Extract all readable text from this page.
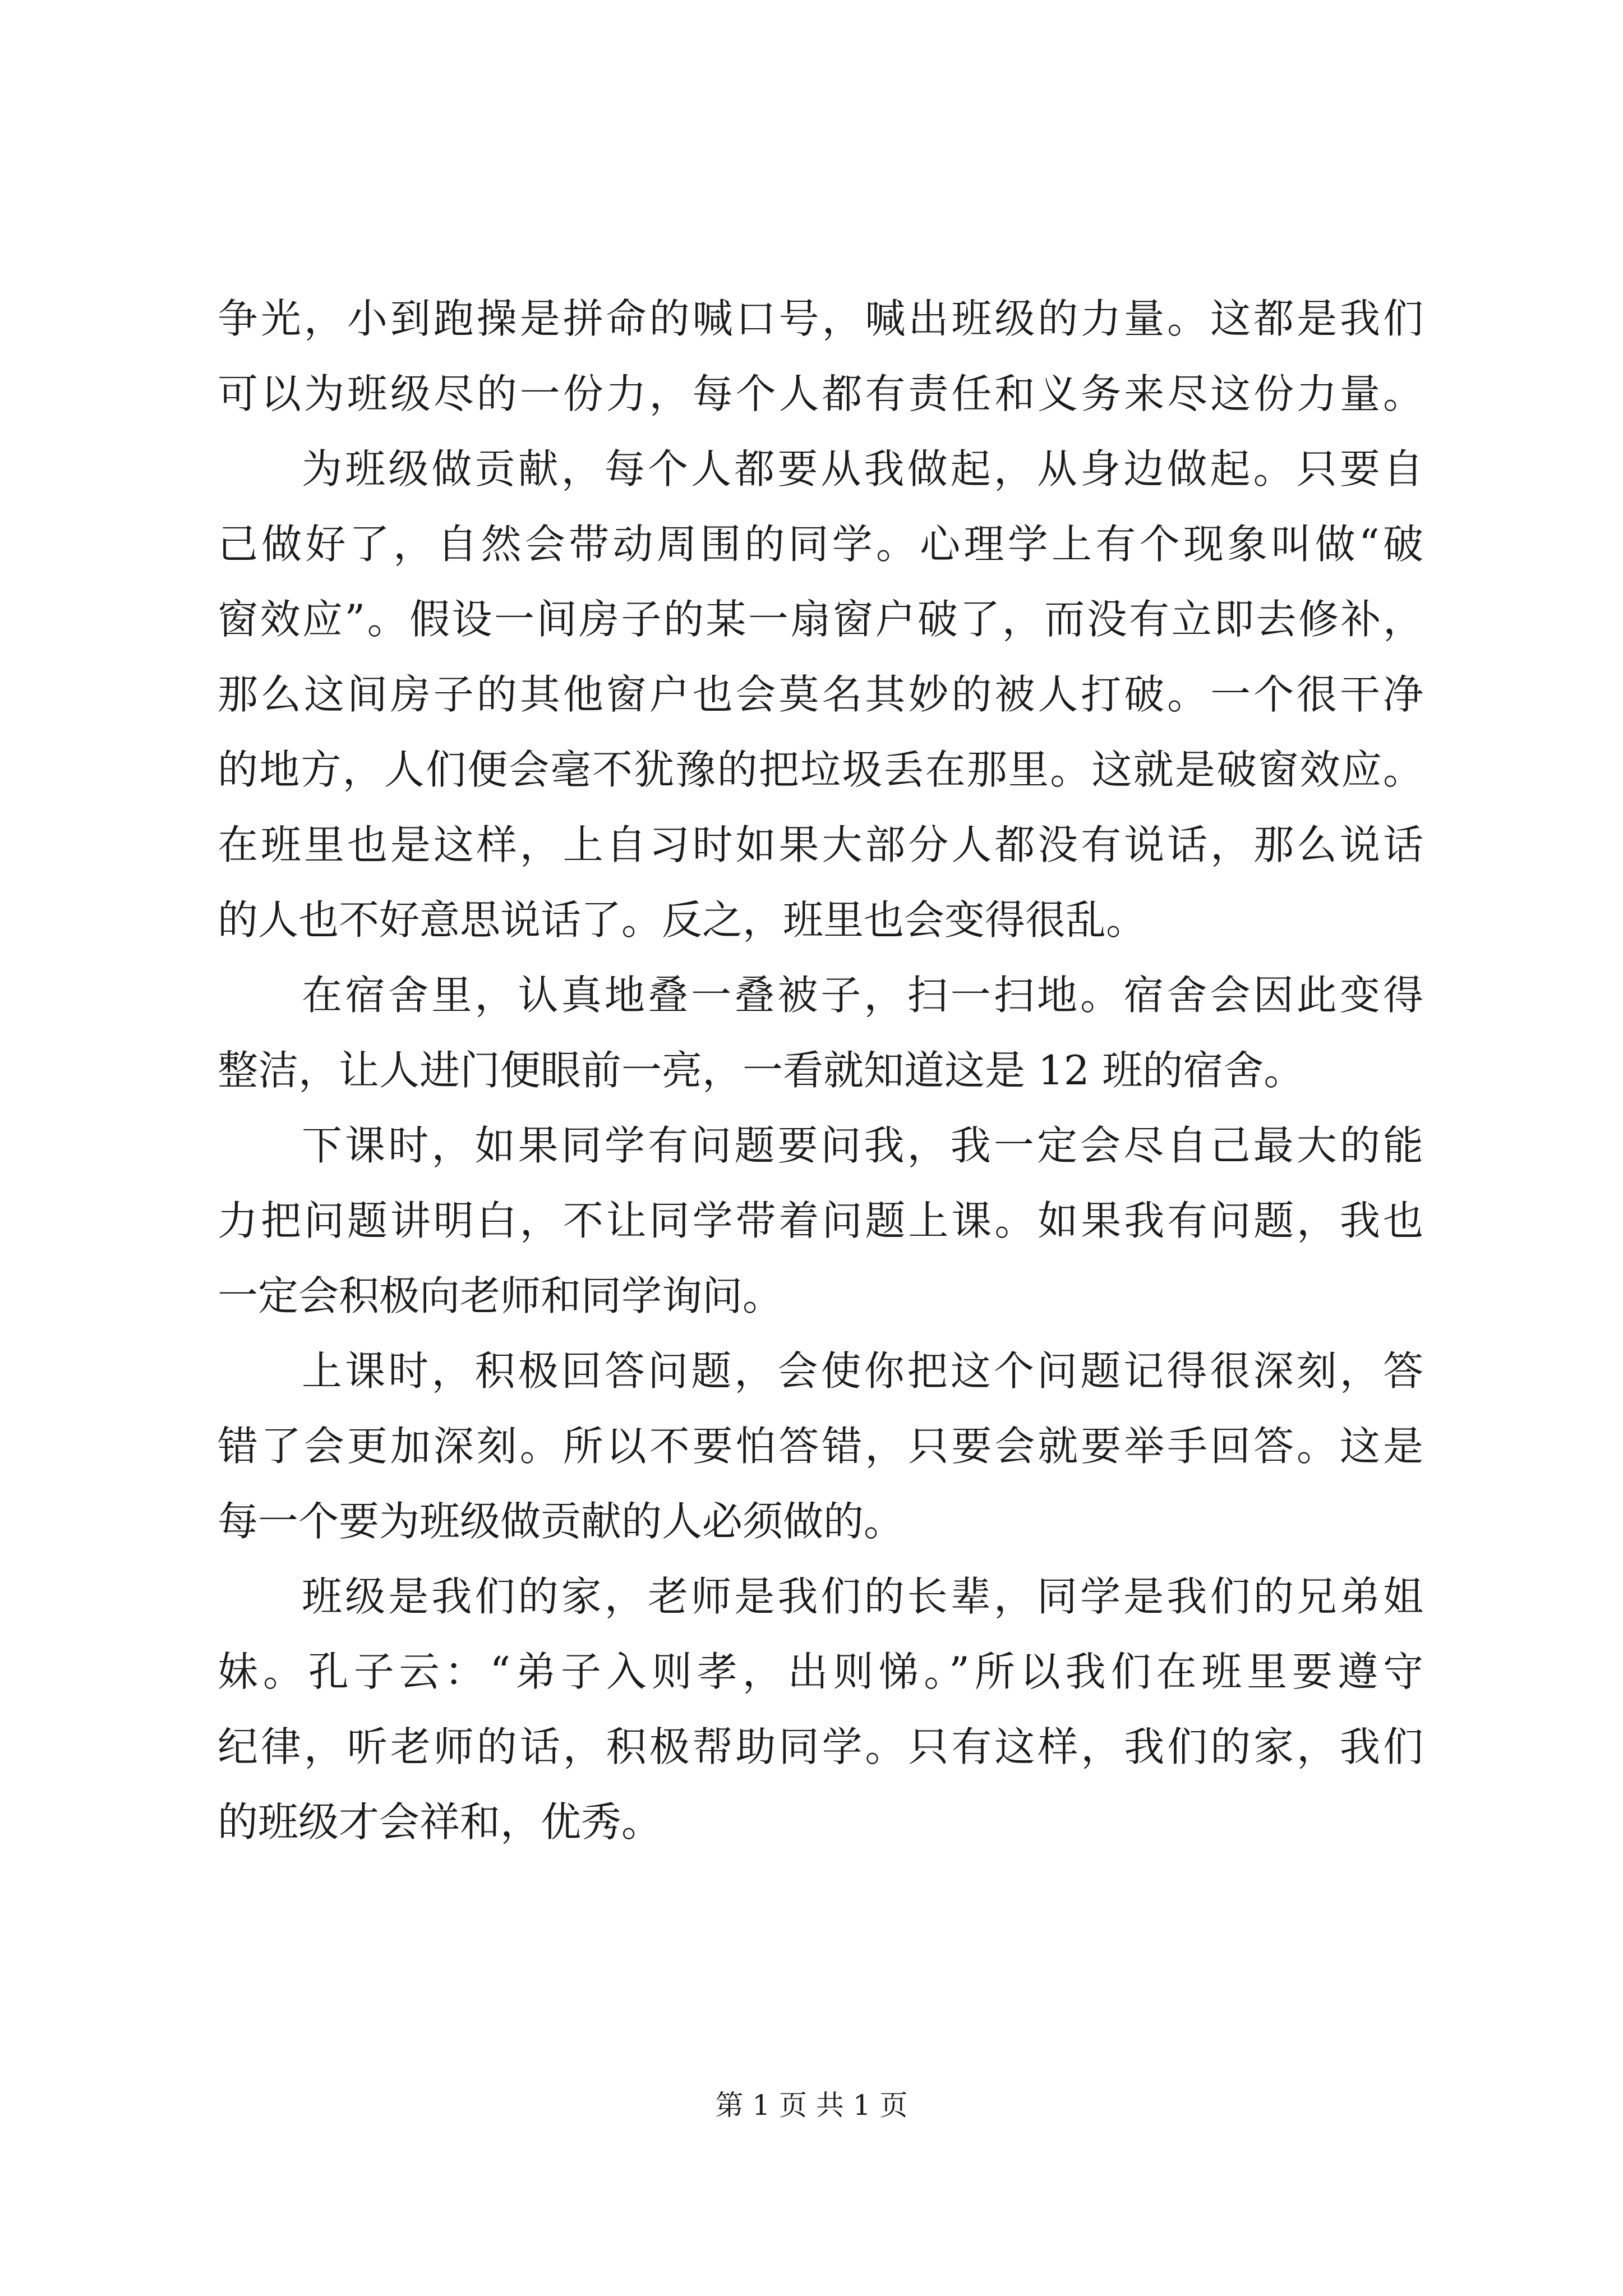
争光，小到跑操是拼命的喊口号，喊出班级的力量。这都是我们
可以为班级尽的一份力，每个人都有责任和义务来尽这份力量。
为班级做贡献，每个人都要从我做起，从身边做起。只要自
己做好了，自然会带动周围的同学。心理学上有个现象叫做“破
窗效应”。假设一间房子的某一扇窗户破了，而没有立即去修补，
那么这间房子的其他窗户也会莫名其妙的被人打破。一个很干净
的地方，人们便会毫不犹豫的把垃圾丢在那里。这就是破窗效应。
在班里也是这样，上自习时如果大部分人都没有说话，那么说话
的人也不好意思说话了。反之，班里也会变得很乱。
在宿舍里，认真地叠一叠被子，扫一扫地。宿舍会因此变得
整洁，让人进门便眼前一亮，一看就知道这是 12 班的宿舍。
下课时，如果同学有问题要问我，我一定会尽自己最大的能
力把问题讲明白，不让同学带着问题上课。如果我有问题，我也
一定会积极向老师和同学询问。
上课时，积极回答问题，会使你把这个问题记得很深刻，答
错了会更加深刻。所以不要怕答错，只要会就要举手回答。这是
每一个要为班级做贡献的人必须做的。
班级是我们的家，老师是我们的长辈，同学是我们的兄弟姐
妹。孔子云：“弟子入则孝，出则悌。”所以我们在班里要遵守
纪律，听老师的话，积极帮助同学。只有这样，我们的家，我们
的班级才会祥和，优秀。
第 1 页 共 1 页
